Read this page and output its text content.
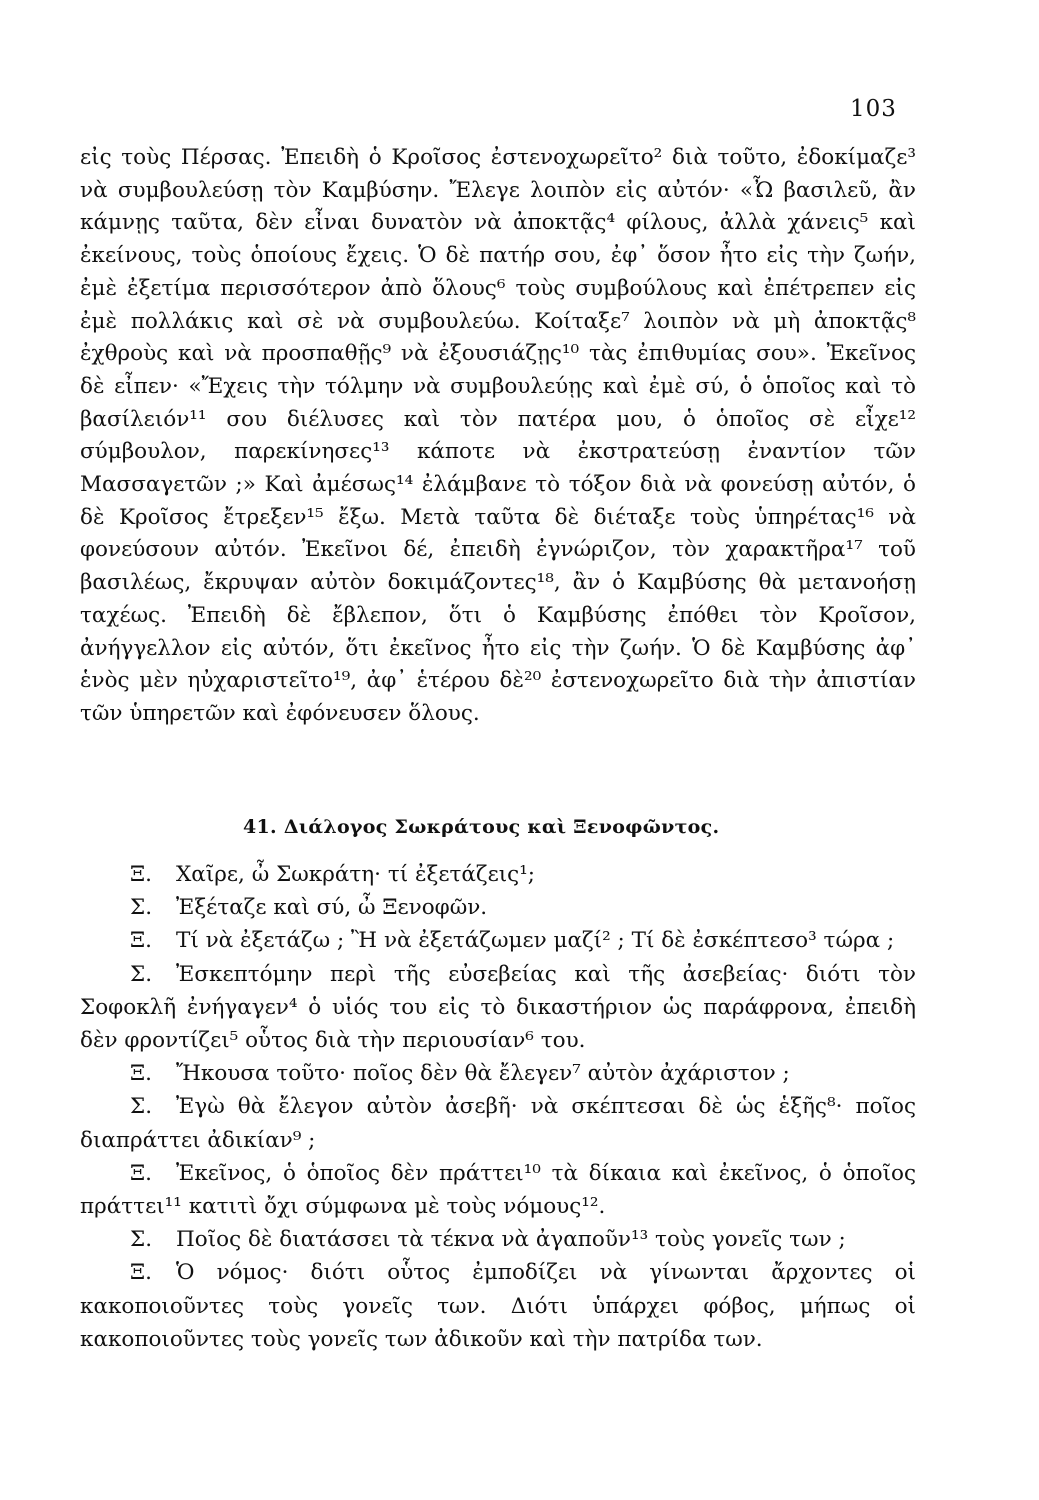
103

εἰς τοὺς Πέρσας. Ἐπειδὴ ὁ Κροῖσος ἐστενοχωρεῖτο² διὰ τοῦτο, ἐδοκίμαζε³ νὰ συμβουλεύσῃ τὸν Καμβύσην. Ἔλεγε λοιπὸν εἰς αὐτόν· «Ὦ βασιλεῦ, ἂν κάμνῃς ταῦτα, δὲν εἶναι δυνατὸν νὰ ἀποκτᾷς⁴ φίλους, ἀλλὰ χάνεις⁵ καὶ ἐκείνους, τοὺς ὁποίους ἔχεις. Ὁ δὲ πατήρ σου, ἐφ᾽ ὅσον ἦτο εἰς τὴν ζωήν, ἐμὲ ἐξετίμα περισσότερον ἀπὸ ὅλους⁶ τοὺς συμβούλους καὶ ἐπέτρεπεν εἰς ἐμὲ πολλάκις καὶ σὲ νὰ συμβουλεύω. Κοίταξε⁷ λοιπὸν νὰ μὴ ἀποκτᾷς⁸ ἐχθροὺς καὶ νὰ προσπαθῇς⁹ νὰ ἐξουσιάζῃς¹⁰ τὰς ἐπιθυμίας σου». Ἐκεῖνος δὲ εἶπεν· «Ἔχεις τὴν τόλμην νὰ συμβουλεύῃς καὶ ἐμὲ σύ, ὁ ὁποῖος καὶ τὸ βασίλειόν¹¹ σου διέλυσες καὶ τὸν πατέρα μου, ὁ ὁποῖος σὲ εἶχε¹² σύμβουλον, παρεκίνησες¹³ κάποτε νὰ ἐκστρατεύσῃ ἐναντίον τῶν Μασσαγετῶν ;» Καὶ ἀμέσως¹⁴ ἐλάμβανε τὸ τόξον διὰ νὰ φονεύσῃ αὐτόν, ὁ δὲ Κροῖσος ἔτρεξεν¹⁵ ἔξω. Μετὰ ταῦτα δὲ διέταξε τοὺς ὑπηρέτας¹⁶ νὰ φονεύσουν αὐτόν. Ἐκεῖνοι δέ, ἐπειδὴ ἐγνώριζον, τὸν χαρακτῆρα¹⁷ τοῦ βασιλέως, ἔκρυψαν αὐτὸν δοκιμάζοντες¹⁸, ἂν ὁ Καμβύσης θὰ μετανοήσῃ ταχέως. Ἐπειδὴ δὲ ἔβλεπον, ὅτι ὁ Καμβύσης ἐπόθει τὸν Κροῖσον, ἀνήγγελλον εἰς αὐτόν, ὅτι ἐκεῖνος ἦτο εἰς τὴν ζωήν. Ὁ δὲ Καμβύσης ἀφ᾽ ἑνὸς μὲν ηὐχαριστεῖτο¹⁹, ἀφ᾽ ἑτέρου δὲ²⁰ ἐστενοχωρεῖτο διὰ τὴν ἀπιστίαν τῶν ὑπηρετῶν καὶ ἐφόνευσεν ὅλους.

41. Διάλογος Σωκράτους καὶ Ξενοφῶντος.

Ξ. Χαῖρε, ὦ Σωκράτη· τί ἐξετάζεις¹;

Σ. Ἐξέταζε καὶ σύ, ὦ Ξενοφῶν.

Ξ. Τί νὰ ἐξετάζω ; Ἢ νὰ ἐξετάζωμεν μαζί² ; Τί δὲ ἐσκέπτεσο³ τώρα ;

Σ. Ἐσκεπτόμην περὶ τῆς εὐσεβείας καὶ τῆς ἀσεβείας· διότι τὸν Σοφοκλῆ ἐνήγαγεν⁴ ὁ υἱός του εἰς τὸ δικαστήριον ὡς παράφρονα, ἐπειδὴ δὲν φροντίζει⁵ οὗτος διὰ τὴν περιουσίαν⁶ του.

Ξ. Ἤκουσα τοῦτο· ποῖος δὲν θὰ ἔλεγεν⁷ αὐτὸν ἀχάριστον ;

Σ. Ἐγὼ θὰ ἔλεγον αὐτὸν ἀσεβῆ· νὰ σκέπτεσαι δὲ ὡς ἑξῆς⁸· ποῖος διαπράττει ἀδικίαν⁹ ;

Ξ. Ἐκεῖνος, ὁ ὁποῖος δὲν πράττει¹⁰ τὰ δίκαια καὶ ἐκεῖνος, ὁ ὁποῖος πράττει¹¹ κατιτὶ ὄχι σύμφωνα μὲ τοὺς νόμους¹².

Σ. Ποῖος δὲ διατάσσει τὰ τέκνα νὰ ἀγαποῦν¹³ τοὺς γονεῖς των ;

Ξ. Ὁ νόμος· διότι οὗτος ἐμποδίζει νὰ γίνωνται ἄρχοντες οἱ κακοποιοῦντες τοὺς γονεῖς των. Διότι ὑπάρχει φόβος, μήπως οἱ κακοποιοῦντες τοὺς γονεῖς των ἀδικοῦν καὶ τὴν πατρίδα των.
